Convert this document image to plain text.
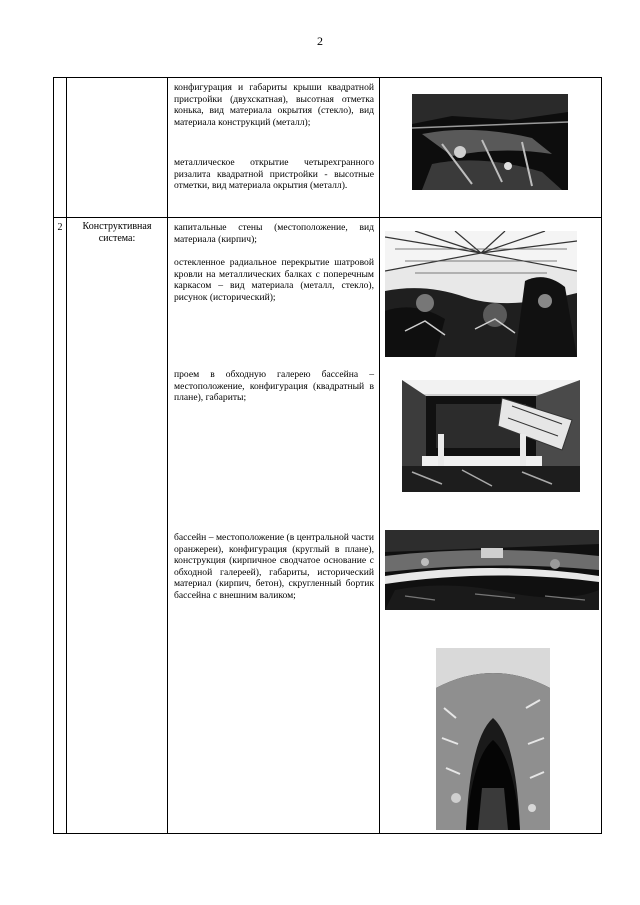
2

		конфигурация и габариты крыши квадратной пристройки (двухскатная), высотная отметка конька, вид материала окрытия (стекло), вид материала конструкций (металл);
металлическое открытие четырехгранного ризалита квадратной пристройки - высотные отметки, вид материала окрытия (металл).

2	Конструктивная система:	капитальные стены (местоположение, вид материала (кирпич);
остекленное радиальное перекрытие шатровой кровли на металлических балках с поперечным каркасом – вид материала (металл, стекло), рисунок (исторический);
проем в обходную галерею бассейна – местоположение, конфигурация (квадратный в плане), габариты;
бассейн – местоположение (в центральной части оранжереи), конфигурация (круглый в плане), конструкция (кирпичное сводчатое основание с обходной галереей), габариты, исторический материал (кирпич, бетон), скругленный бортик бассейна с внешним валиком;
